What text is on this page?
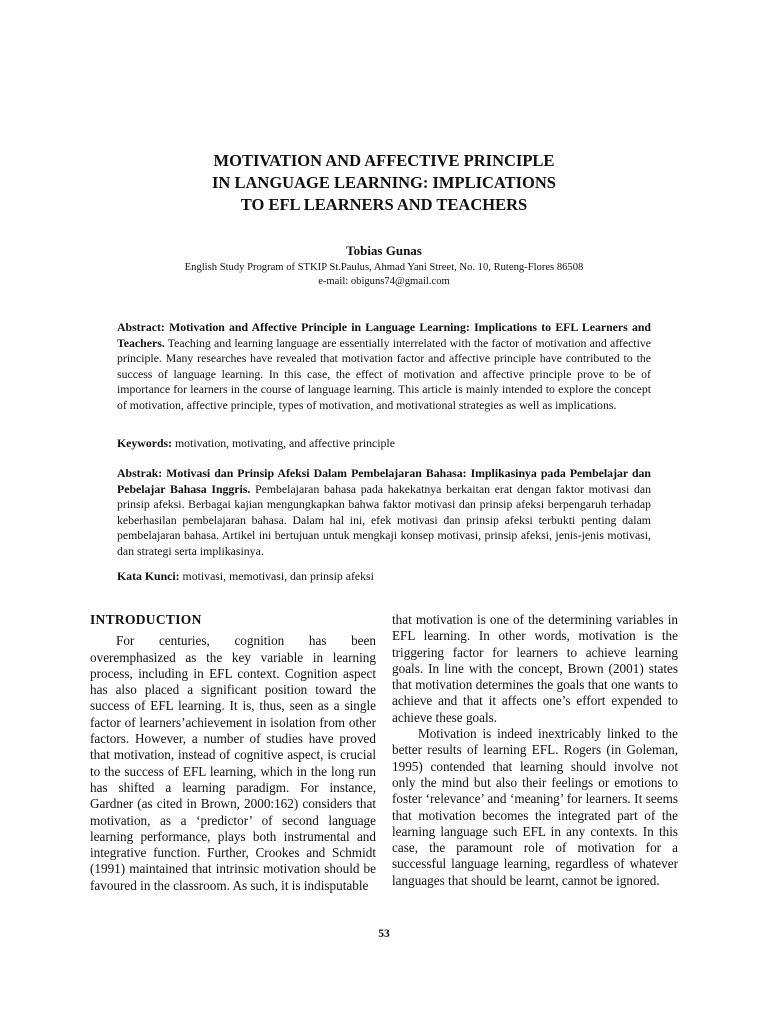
MOTIVATION AND AFFECTIVE PRINCIPLE
IN LANGUAGE LEARNING: IMPLICATIONS
TO EFL LEARNERS AND TEACHERS
Tobias Gunas
English Study Program of STKIP St.Paulus, Ahmad Yani Street, No. 10, Ruteng-Flores 86508
e-mail: obiguns74@gmail.com
Abstract: Motivation and Affective Principle in Language Learning: Implications to EFL Learners and Teachers. Teaching and learning language are essentially interrelated with the factor of motivation and affective principle. Many researches have revealed that motivation factor and affective principle have contributed to the success of language learning. In this case, the effect of motivation and affective principle prove to be of importance for learners in the course of language learning. This article is mainly intended to explore the concept of motivation, affective principle, types of motivation, and motivational strategies as well as implications.
Keywords: motivation, motivating, and affective principle
Abstrak: Motivasi dan Prinsip Afeksi Dalam Pembelajaran Bahasa: Implikasinya pada Pembelajar dan Pebelajar Bahasa Inggris. Pembelajaran bahasa pada hakekatnya berkaitan erat dengan faktor motivasi dan prinsip afeksi. Berbagai kajian mengungkapkan bahwa faktor motivasi dan prinsip afeksi berpengaruh terhadap keberhasilan pembelajaran bahasa. Dalam hal ini, efek motivasi dan prinsip afeksi terbukti penting dalam pembelajaran bahasa. Artikel ini bertujuan untuk mengkaji konsep motivasi, prinsip afeksi, jenis-jenis motivasi, dan strategi serta implikasinya.
Kata Kunci: motivasi, memotivasi, dan prinsip afeksi
INTRODUCTION

For centuries, cognition has been overemphasized as the key variable in learning process, including in EFL context. Cognition aspect has also placed a significant position toward the success of EFL learning. It is, thus, seen as a single factor of learners’achievement in isolation from other factors. However, a number of studies have proved that motivation, instead of cognitive aspect, is crucial to the success of EFL learning, which in the long run has shifted a learning paradigm. For instance, Gardner (as cited in Brown, 2000:162) considers that motivation, as a ‘predictor’ of second language learning performance, plays both instrumental and integrative function. Further, Crookes and Schmidt (1991) maintained that intrinsic motivation should be favoured in the classroom. As such, it is indisputable

that motivation is one of the determining variables in EFL learning. In other words, motivation is the triggering factor for learners to achieve learning goals. In line with the concept, Brown (2001) states that motivation determines the goals that one wants to achieve and that it affects one’s effort expended to achieve these goals.

Motivation is indeed inextricably linked to the better results of learning EFL. Rogers (in Goleman, 1995) contended that learning should involve not only the mind but also their feelings or emotions to foster ‘relevance’ and ‘meaning’ for learners. It seems that motivation becomes the integrated part of the learning language such EFL in any contexts. In this case, the paramount role of motivation for a successful language learning, regardless of whatever languages that should be learnt, cannot be ignored.

53
